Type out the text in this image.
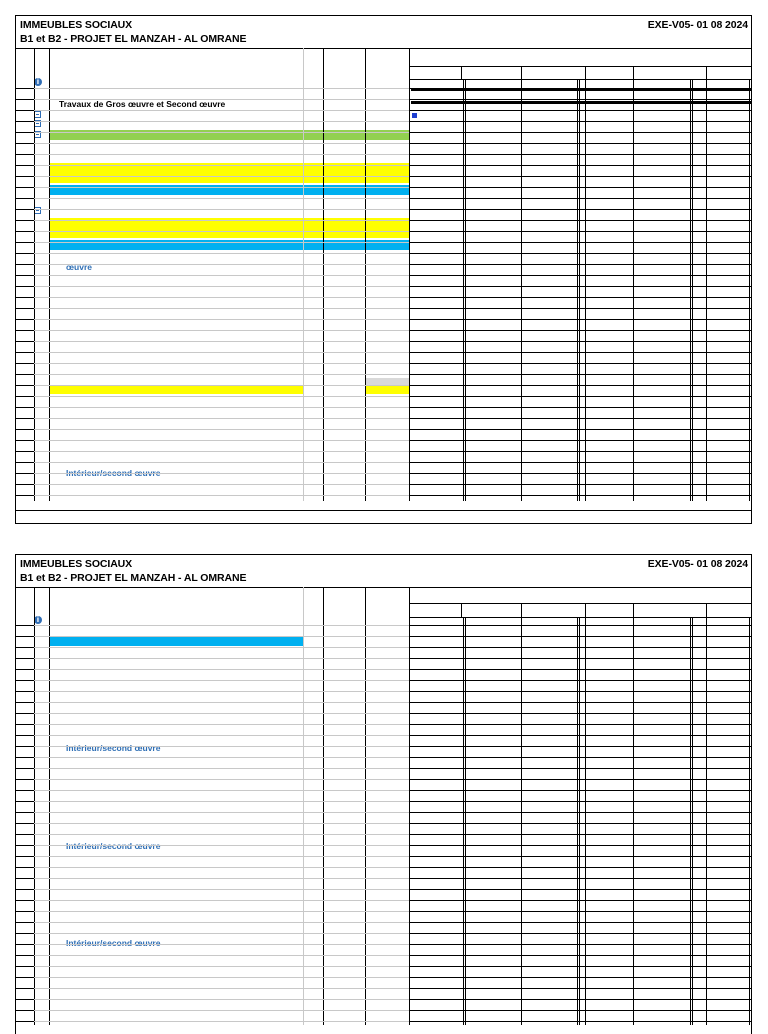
IMMEUBLES SOCIAUX
B1 et B2 - PROJET EL MANZAH - AL OMRANE
EXE-V05- 01 08 2024
Travaux de Gros œuvre et Second œuvre
œuvre
Intérieur/second œuvre
i
IMMEUBLES SOCIAUX
B1 et B2 - PROJET EL MANZAH - AL OMRANE
EXE-V05- 01 08 2024
Intérieur/second œuvre
Intérieur/second œuvre
Intérieur/second œuvre
i
